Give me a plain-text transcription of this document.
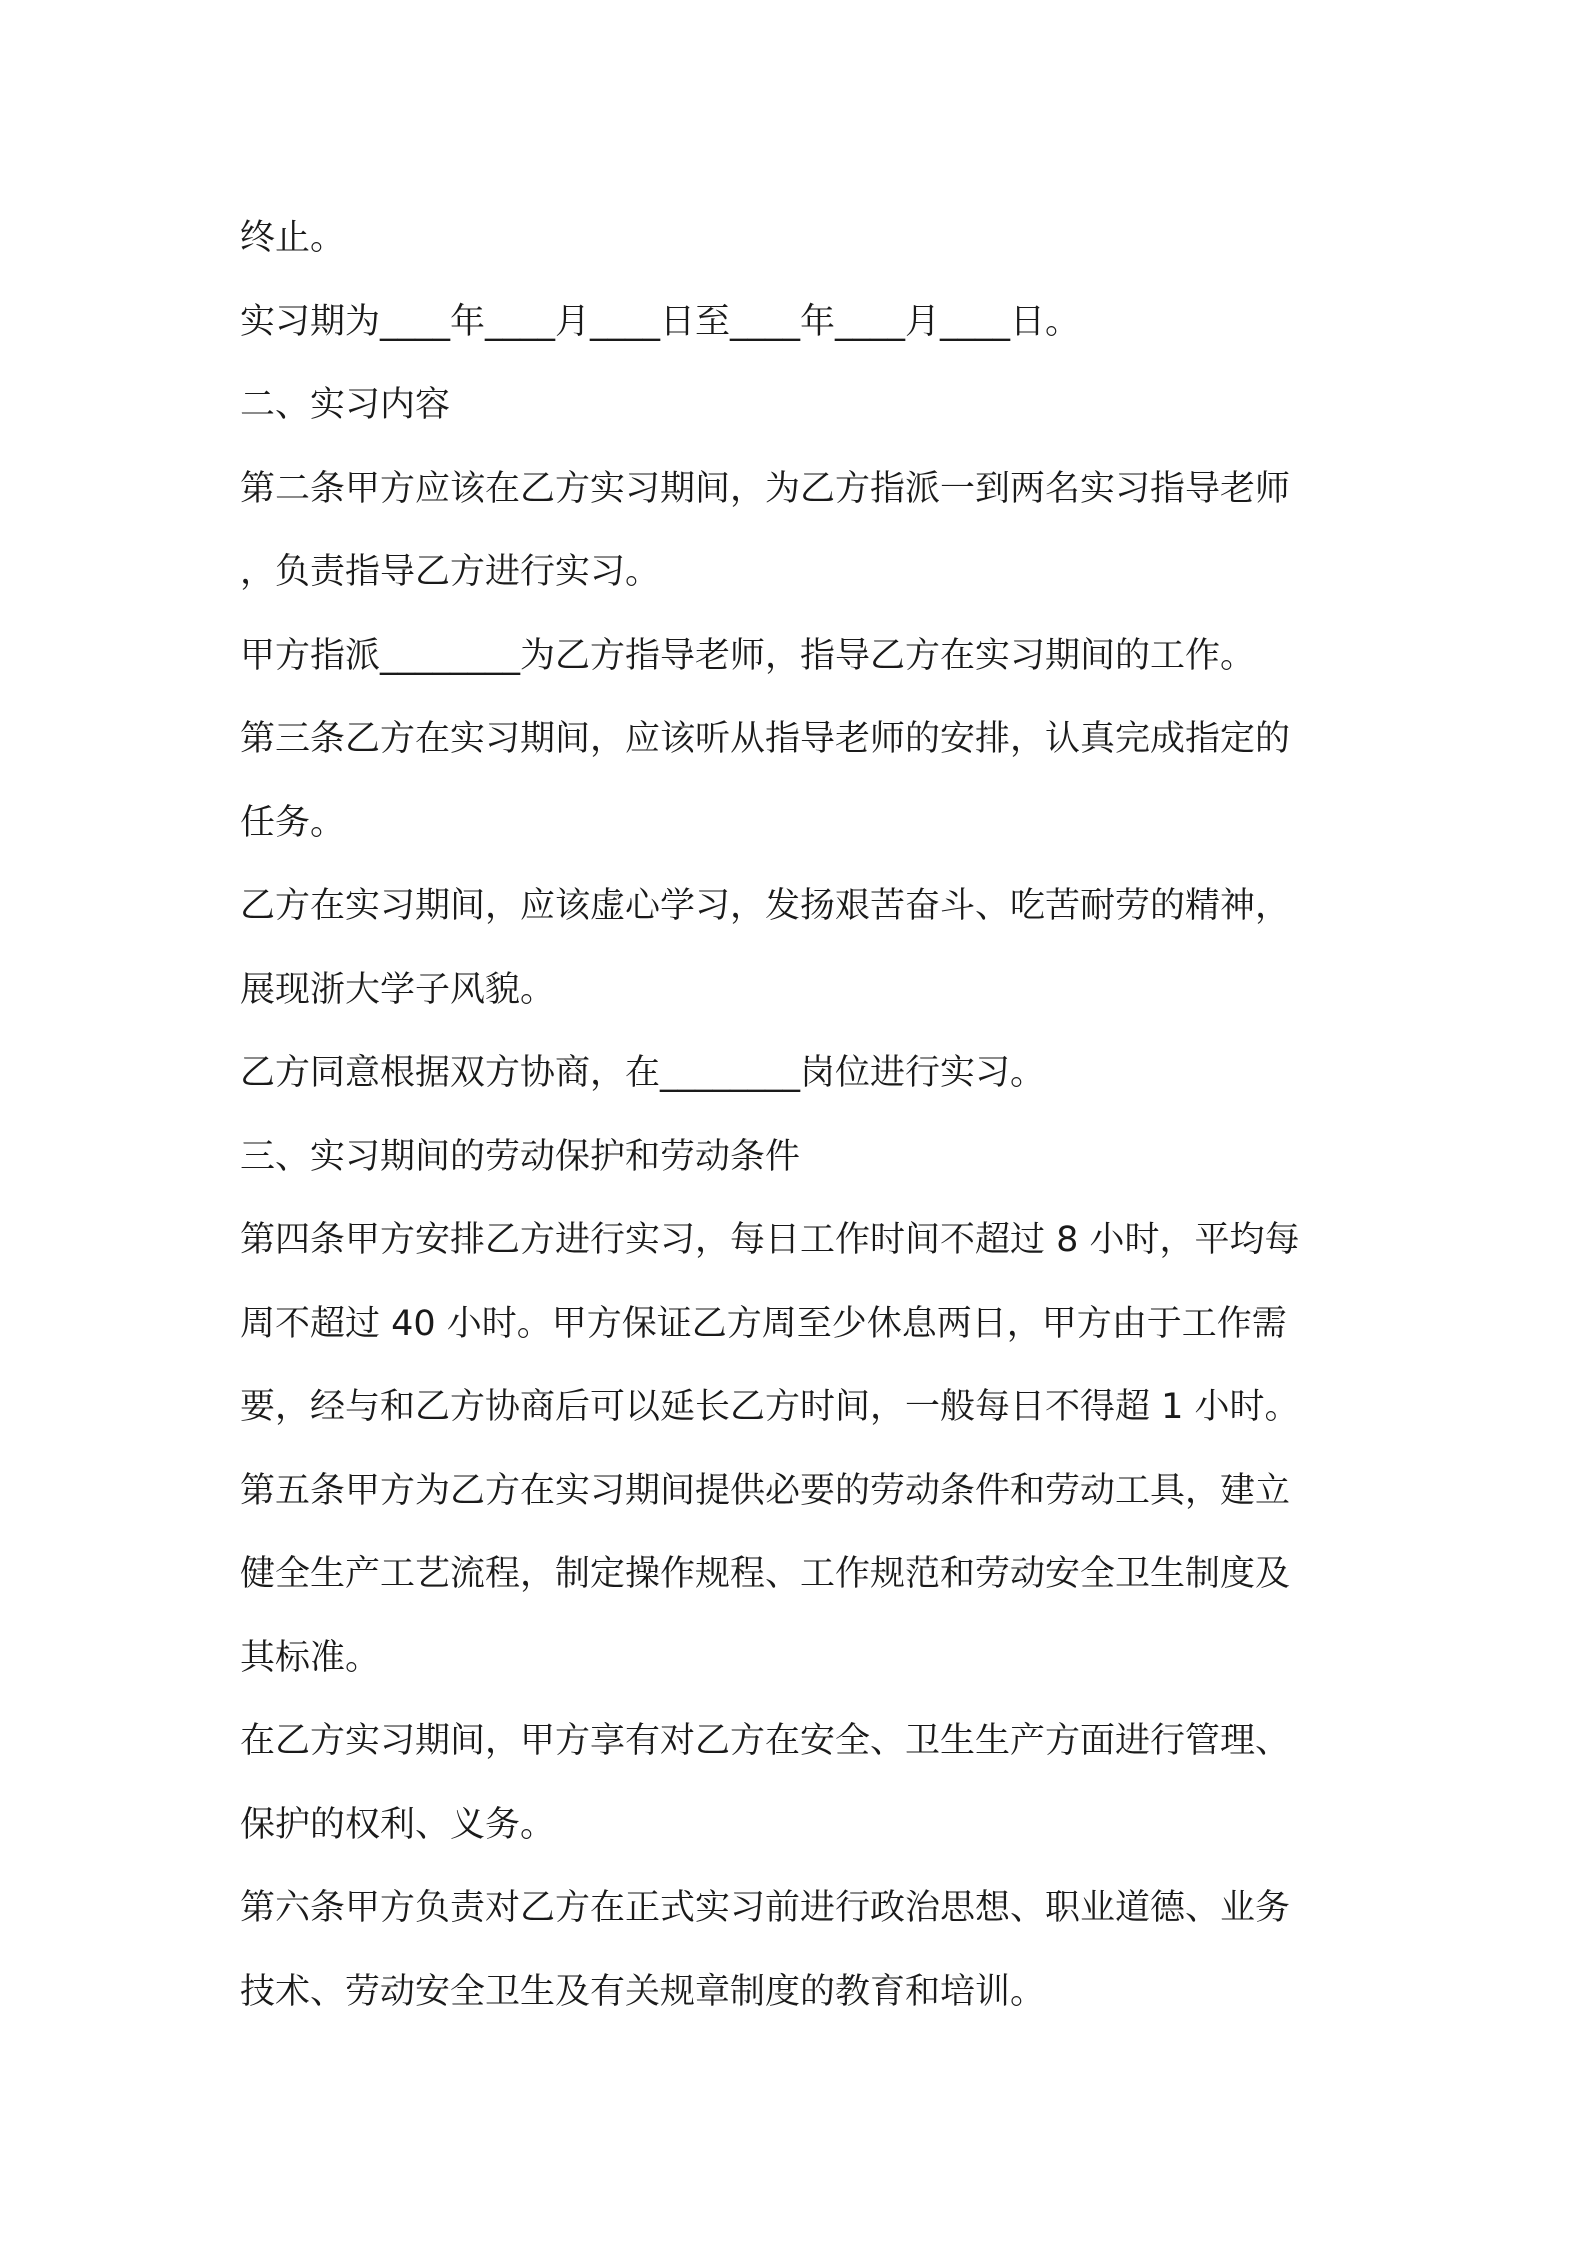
终止。
实习期为____年____月____日至____年____月____日。
二、实习内容
第二条甲方应该在乙方实习期间，为乙方指派一到两名实习指导老师
，负责指导乙方进行实习。
甲方指派________为乙方指导老师，指导乙方在实习期间的工作。
第三条乙方在实习期间，应该听从指导老师的安排，认真完成指定的
任务。
乙方在实习期间，应该虚心学习，发扬艰苦奋斗、吃苦耐劳的精神，
展现浙大学子风貌。
乙方同意根据双方协商，在________岗位进行实习。
三、实习期间的劳动保护和劳动条件
第四条甲方安排乙方进行实习，每日工作时间不超过 8 小时，平均每
周不超过 40 小时。甲方保证乙方周至少休息两日，甲方由于工作需
要，经与和乙方协商后可以延长乙方时间，一般每日不得超 1 小时。
第五条甲方为乙方在实习期间提供必要的劳动条件和劳动工具，建立
健全生产工艺流程，制定操作规程、工作规范和劳动安全卫生制度及
其标准。
在乙方实习期间，甲方享有对乙方在安全、卫生生产方面进行管理、
保护的权利、义务。
第六条甲方负责对乙方在正式实习前进行政治思想、职业道德、业务
技术、劳动安全卫生及有关规章制度的教育和培训。
